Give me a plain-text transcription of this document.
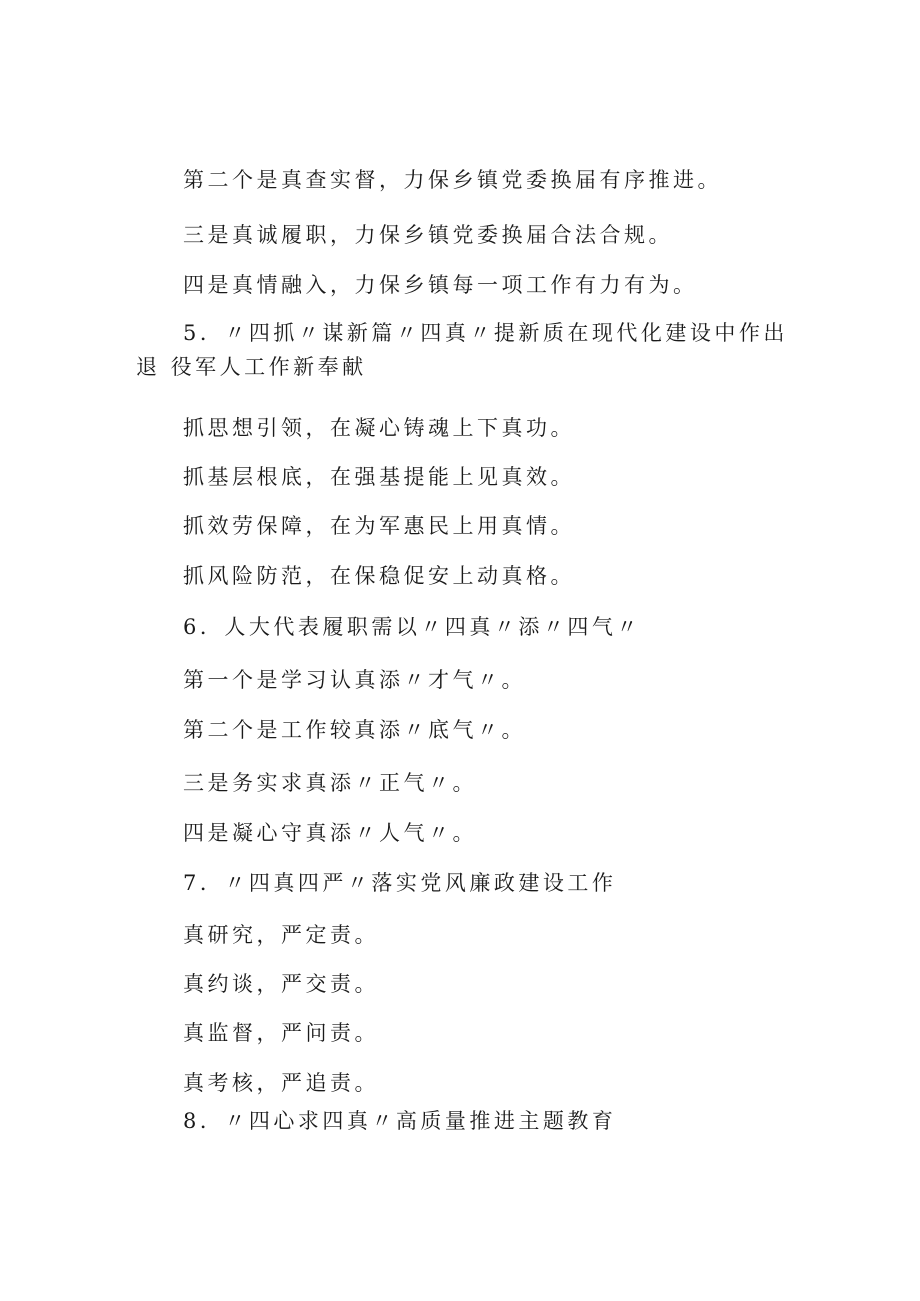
第二个是真查实督，力保乡镇党委换届有序推进。

三是真诚履职，力保乡镇党委换届合法合规。

四是真情融入，力保乡镇每一项工作有力有为。

5．〃四抓〃谋新篇〃四真〃提新质在现代化建设中作出退 役军人工作新奉献

抓思想引领，在凝心铸魂上下真功。

抓基层根底，在强基提能上见真效。

抓效劳保障，在为军惠民上用真情。

抓风险防范，在保稳促安上动真格。

6．人大代表履职需以〃四真〃添〃四气〃

第一个是学习认真添〃才气〃。

第二个是工作较真添〃底气〃。

三是务实求真添〃正气〃。

四是凝心守真添〃人气〃。

7．〃四真四严〃落实党风廉政建设工作

真研究，严定责。

真约谈，严交责。

真监督，严问责。

真考核，严追责。

8．〃四心求四真〃高质量推进主题教育
